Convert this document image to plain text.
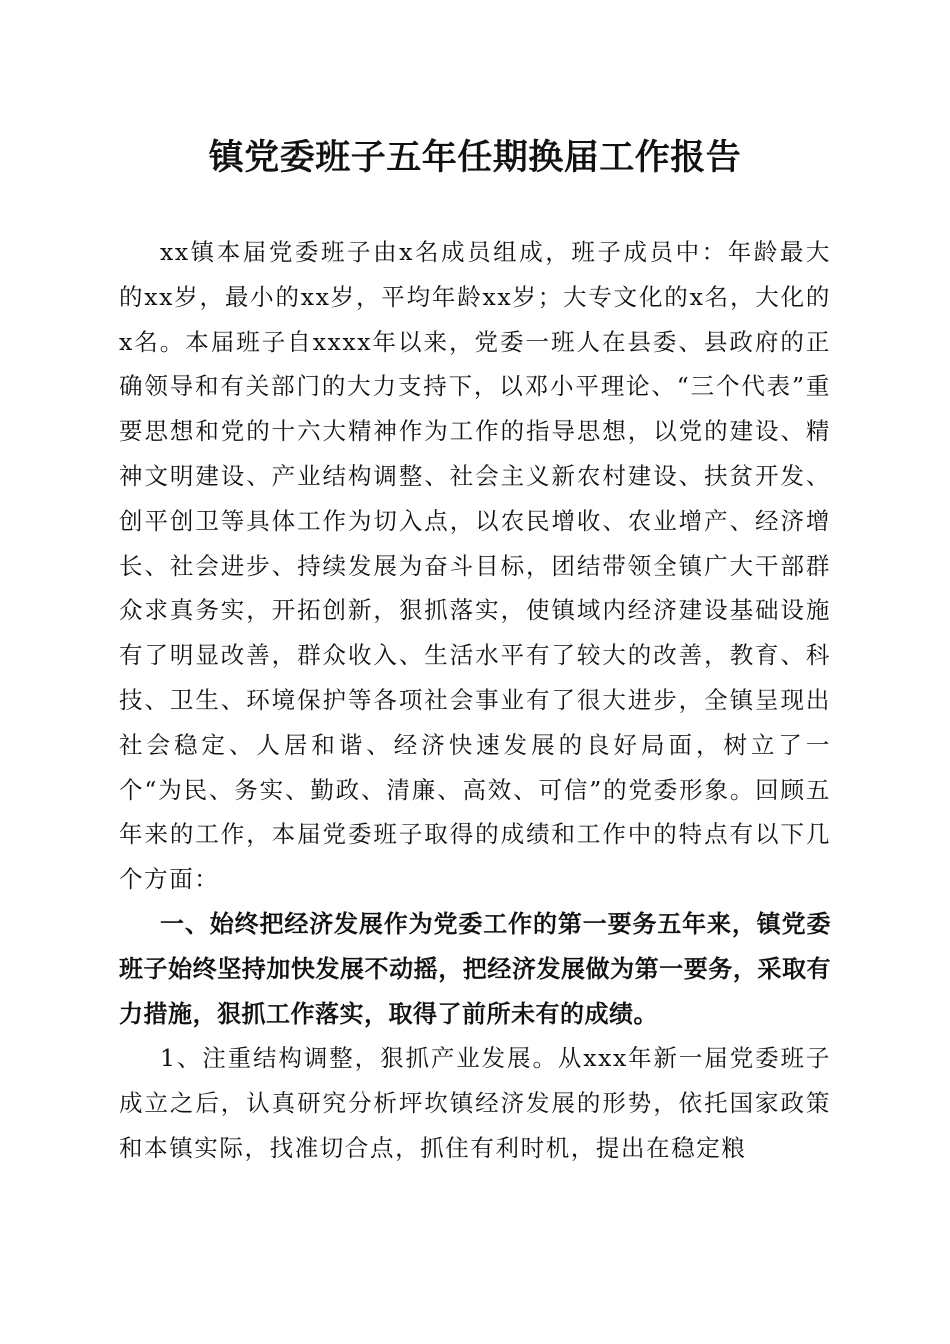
镇党委班子五年任期换届工作报告

xx镇本届党委班子由x名成员组成，班子成员中：年龄最大的xx岁，最小的xx岁，平均年龄xx岁；大专文化的x名，大化的x名。本届班子自xxxx年以来，党委一班人在县委、县政府的正确领导和有关部门的大力支持下，以邓小平理论、“三个代表”重要思想和党的十六大精神作为工作的指导思想，以党的建设、精神文明建设、产业结构调整、社会主义新农村建设、扶贫开发、创平创卫等具体工作为切入点，以农民增收、农业增产、经济增长、社会进步、持续发展为奋斗目标，团结带领全镇广大干部群众求真务实，开拓创新，狠抓落实，使镇域内经济建设基础设施有了明显改善，群众收入、生活水平有了较大的改善，教育、科技、卫生、环境保护等各项社会事业有了很大进步，全镇呈现出社会稳定、人居和谐、经济快速发展的良好局面，树立了一个“为民、务实、勤政、清廉、高效、可信”的党委形象。回顾五年来的工作，本届党委班子取得的成绩和工作中的特点有以下几个方面：

一、始终把经济发展作为党委工作的第一要务五年来，镇党委班子始终坚持加快发展不动摇，把经济发展做为第一要务，采取有力措施，狠抓工作落实，取得了前所未有的成绩。

1、注重结构调整，狠抓产业发展。从xxx年新一届党委班子成立之后，认真研究分析坪坎镇经济发展的形势，依托国家政策和本镇实际，找准切合点，抓住有利时机，提出在稳定粮
